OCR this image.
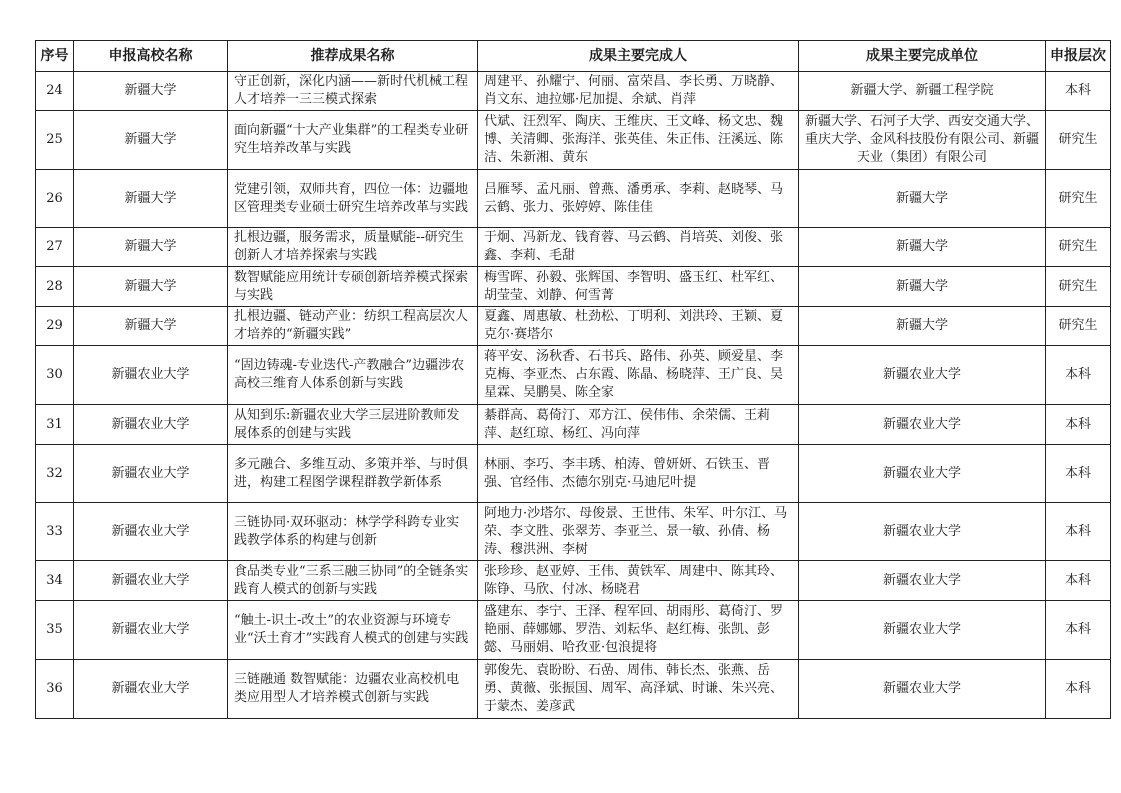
序号	申报高校名称	推荐成果名称	成果主要完成人	成果主要完成单位	申报层次
24	新疆大学	守正创新，深化内涵——新时代机械工程人才培养一三三模式探索	周建平、孙耀宁、何丽、富荣昌、李长勇、万晓静、肖文东、迪拉娜·尼加提、余斌、肖萍	新疆大学、新疆工程学院	本科
25	新疆大学	面向新疆“十大产业集群”的工程类专业研究生培养改革与实践	代斌、汪烈军、陶庆、王维庆、王文峰、杨文忠、魏博、关清卿、张海洋、张英佳、朱正伟、汪溪远、陈洁、朱新湘、黄东	新疆大学、石河子大学、西安交通大学、重庆大学、金风科技股份有限公司、新疆天业（集团）有限公司	研究生
26	新疆大学	党建引领，双师共育，四位一体：边疆地区管理类专业硕士研究生培养改革与实践	吕雁琴、孟凡丽、曾燕、潘勇承、李莉、赵晓琴、马云鹤、张力、张婷婷、陈佳佳	新疆大学	研究生
27	新疆大学	扎根边疆，服务需求，质量赋能--研究生创新人才培养探索与实践	于炯、冯新龙、钱育蓉、马云鹤、肖培英、刘俊、张鑫、李莉、毛甜	新疆大学	研究生
28	新疆大学	数智赋能应用统计专硕创新培养模式探索与实践	梅雪晖、孙毅、张辉国、李智明、盛玉红、杜军红、胡莹莹、刘静、何雪菁	新疆大学	研究生
29	新疆大学	扎根边疆、链动产业：纺织工程高层次人才培养的“新疆实践”	夏鑫、周惠敏、杜劲松、丁明利、刘洪玲、王颖、夏克尔·赛塔尔	新疆大学	研究生
30	新疆农业大学	“固边铸魂-专业迭代-产教融合”边疆涉农高校三维育人体系创新与实践	蒋平安、汤秋香、石书兵、路伟、孙英、顾爱星、李克梅、李亚杰、占东霞、陈晶、杨晓萍、王广良、吴星霖、吴鹏昊、陈全家	新疆农业大学	本科
31	新疆农业大学	从知到乐:新疆农业大学三层进阶教师发展体系的创建与实践	綦群高、葛倚汀、邓方江、侯伟伟、余荣儒、王莉萍、赵红琼、杨红、冯向萍	新疆农业大学	本科
32	新疆农业大学	多元融合、多维互动、多策并举、与时俱进，构建工程图学课程群教学新体系	林丽、李巧、李丰琇、柏涛、曾妍妍、石铁玉、晋强、官经伟、杰德尔别克·马迪尼叶提	新疆农业大学	本科
33	新疆农业大学	三链协同·双环驱动：林学学科跨专业实践教学体系的构建与创新	阿地力·沙塔尔、母俊景、王世伟、朱军、叶尔江、马荣、李文胜、张翠芳、李亚兰、景一敏、孙倩、杨涛、穆洪洲、李树	新疆农业大学	本科
34	新疆农业大学	食品类专业“三系三融三协同”的全链条实践育人模式的创新与实践	张珍珍、赵亚婷、王伟、黄铁军、周建中、陈其玲、陈铮、马欣、付冰、杨晓君	新疆农业大学	本科
35	新疆农业大学	“触土-识土-改土”的农业资源与环境专业“沃土育才”实践育人模式的创建与实践	盛建东、李宁、王泽、程军回、胡雨彤、葛倚汀、罗艳丽、薛娜娜、罗浩、刘耘华、赵红梅、张凯、彭懿、马丽娟、哈孜亚·包浪提将	新疆农业大学	本科
36	新疆农业大学	三链融通 数智赋能：边疆农业高校机电类应用型人才培养模式创新与实践	郭俊先、袁盼盼、石嵒、周伟、韩长杰、张燕、岳勇、黄薇、张振国、周军、高泽斌、时谦、朱兴亮、于蒙杰、姜彦武	新疆农业大学	本科
